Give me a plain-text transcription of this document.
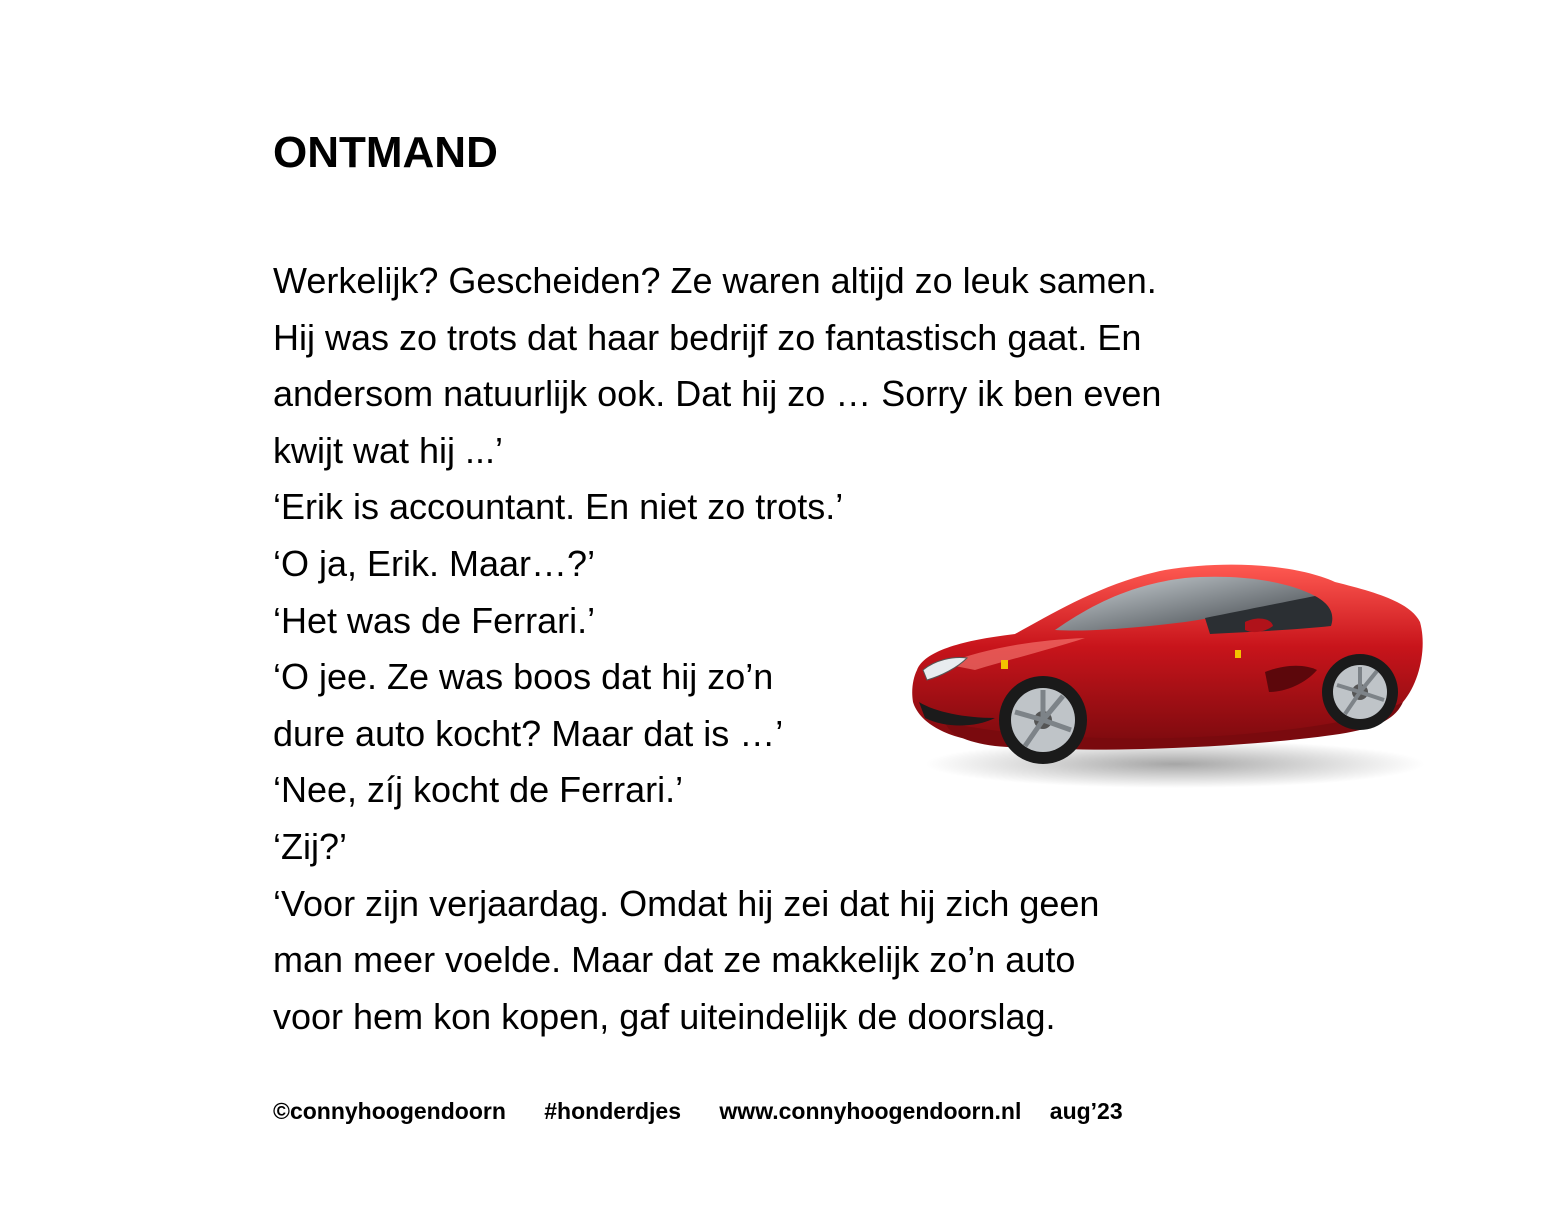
ONTMAND
Werkelijk? Gescheiden? Ze waren altijd zo leuk samen.
Hij was zo trots dat haar bedrijf zo fantastisch gaat. En
andersom natuurlijk ook. Dat hij zo … Sorry ik ben even
kwijt wat hij ...’
‘Erik is accountant. En niet zo trots.’
‘O ja, Erik. Maar…?’
‘Het was de Ferrari.’
‘O jee. Ze was boos dat hij zo’n
dure auto kocht? Maar dat is …’
‘Nee, zíj kocht de Ferrari.’
‘Zij?’
‘Voor zijn verjaardag. Omdat hij zei dat hij zich geen
man meer voelde. Maar dat ze makkelijk zo’n auto
voor hem kon kopen, gaf uiteindelijk de doorslag.
©connyhoogendoorn #honderdjes www.connyhoogendoorn.nl aug’23
